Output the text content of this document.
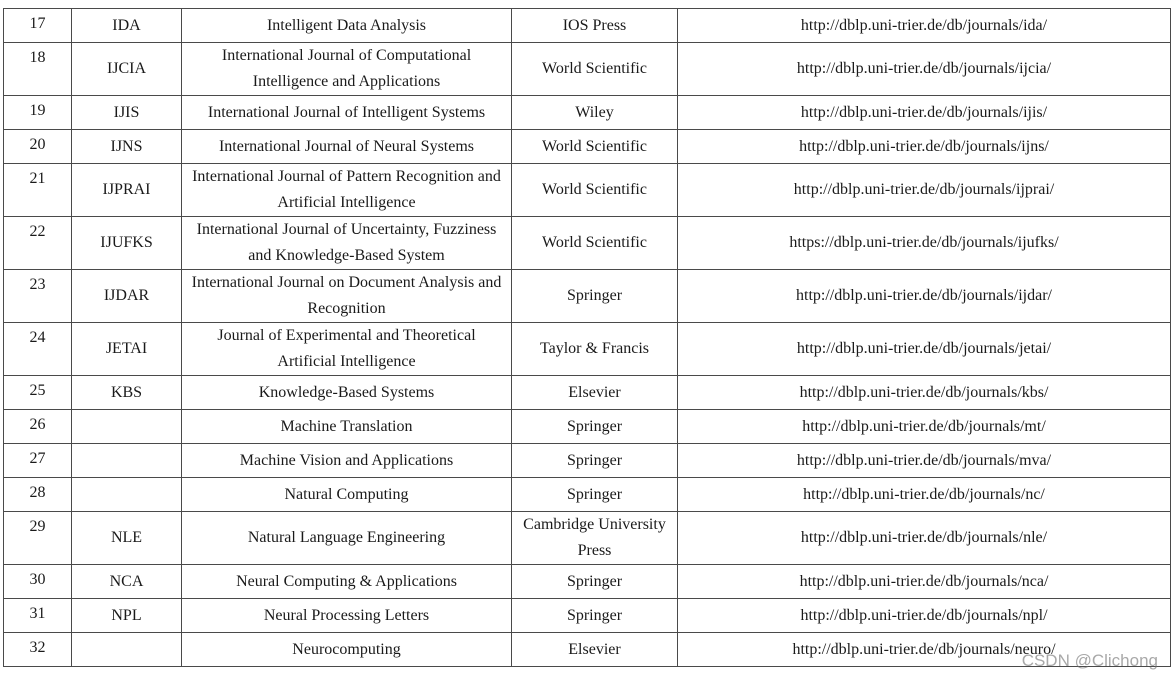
17	IDA	Intelligent Data Analysis	IOS Press	http://dblp.uni-trier.de/db/journals/ida/
18	IJCIA	International Journal of Computational Intelligence and Applications	World Scientific	http://dblp.uni-trier.de/db/journals/ijcia/
19	IJIS	International Journal of Intelligent Systems	Wiley	http://dblp.uni-trier.de/db/journals/ijis/
20	IJNS	International Journal of Neural Systems	World Scientific	http://dblp.uni-trier.de/db/journals/ijns/
21	IJPRAI	International Journal of Pattern Recognition and Artificial Intelligence	World Scientific	http://dblp.uni-trier.de/db/journals/ijprai/
22	IJUFKS	International Journal of Uncertainty, Fuzziness and Knowledge-Based System	World Scientific	https://dblp.uni-trier.de/db/journals/ijufks/
23	IJDAR	International Journal on Document Analysis and Recognition	Springer	http://dblp.uni-trier.de/db/journals/ijdar/
24	JETAI	Journal of Experimental and Theoretical Artificial Intelligence	Taylor & Francis	http://dblp.uni-trier.de/db/journals/jetai/
25	KBS	Knowledge-Based Systems	Elsevier	http://dblp.uni-trier.de/db/journals/kbs/
26		Machine Translation	Springer	http://dblp.uni-trier.de/db/journals/mt/
27		Machine Vision and Applications	Springer	http://dblp.uni-trier.de/db/journals/mva/
28		Natural Computing	Springer	http://dblp.uni-trier.de/db/journals/nc/
29	NLE	Natural Language Engineering	Cambridge University Press	http://dblp.uni-trier.de/db/journals/nle/
30	NCA	Neural Computing & Applications	Springer	http://dblp.uni-trier.de/db/journals/nca/
31	NPL	Neural Processing Letters	Springer	http://dblp.uni-trier.de/db/journals/npl/
32		Neurocomputing	Elsevier	http://dblp.uni-trier.de/db/journals/neuro/
CSDN @Clichong
